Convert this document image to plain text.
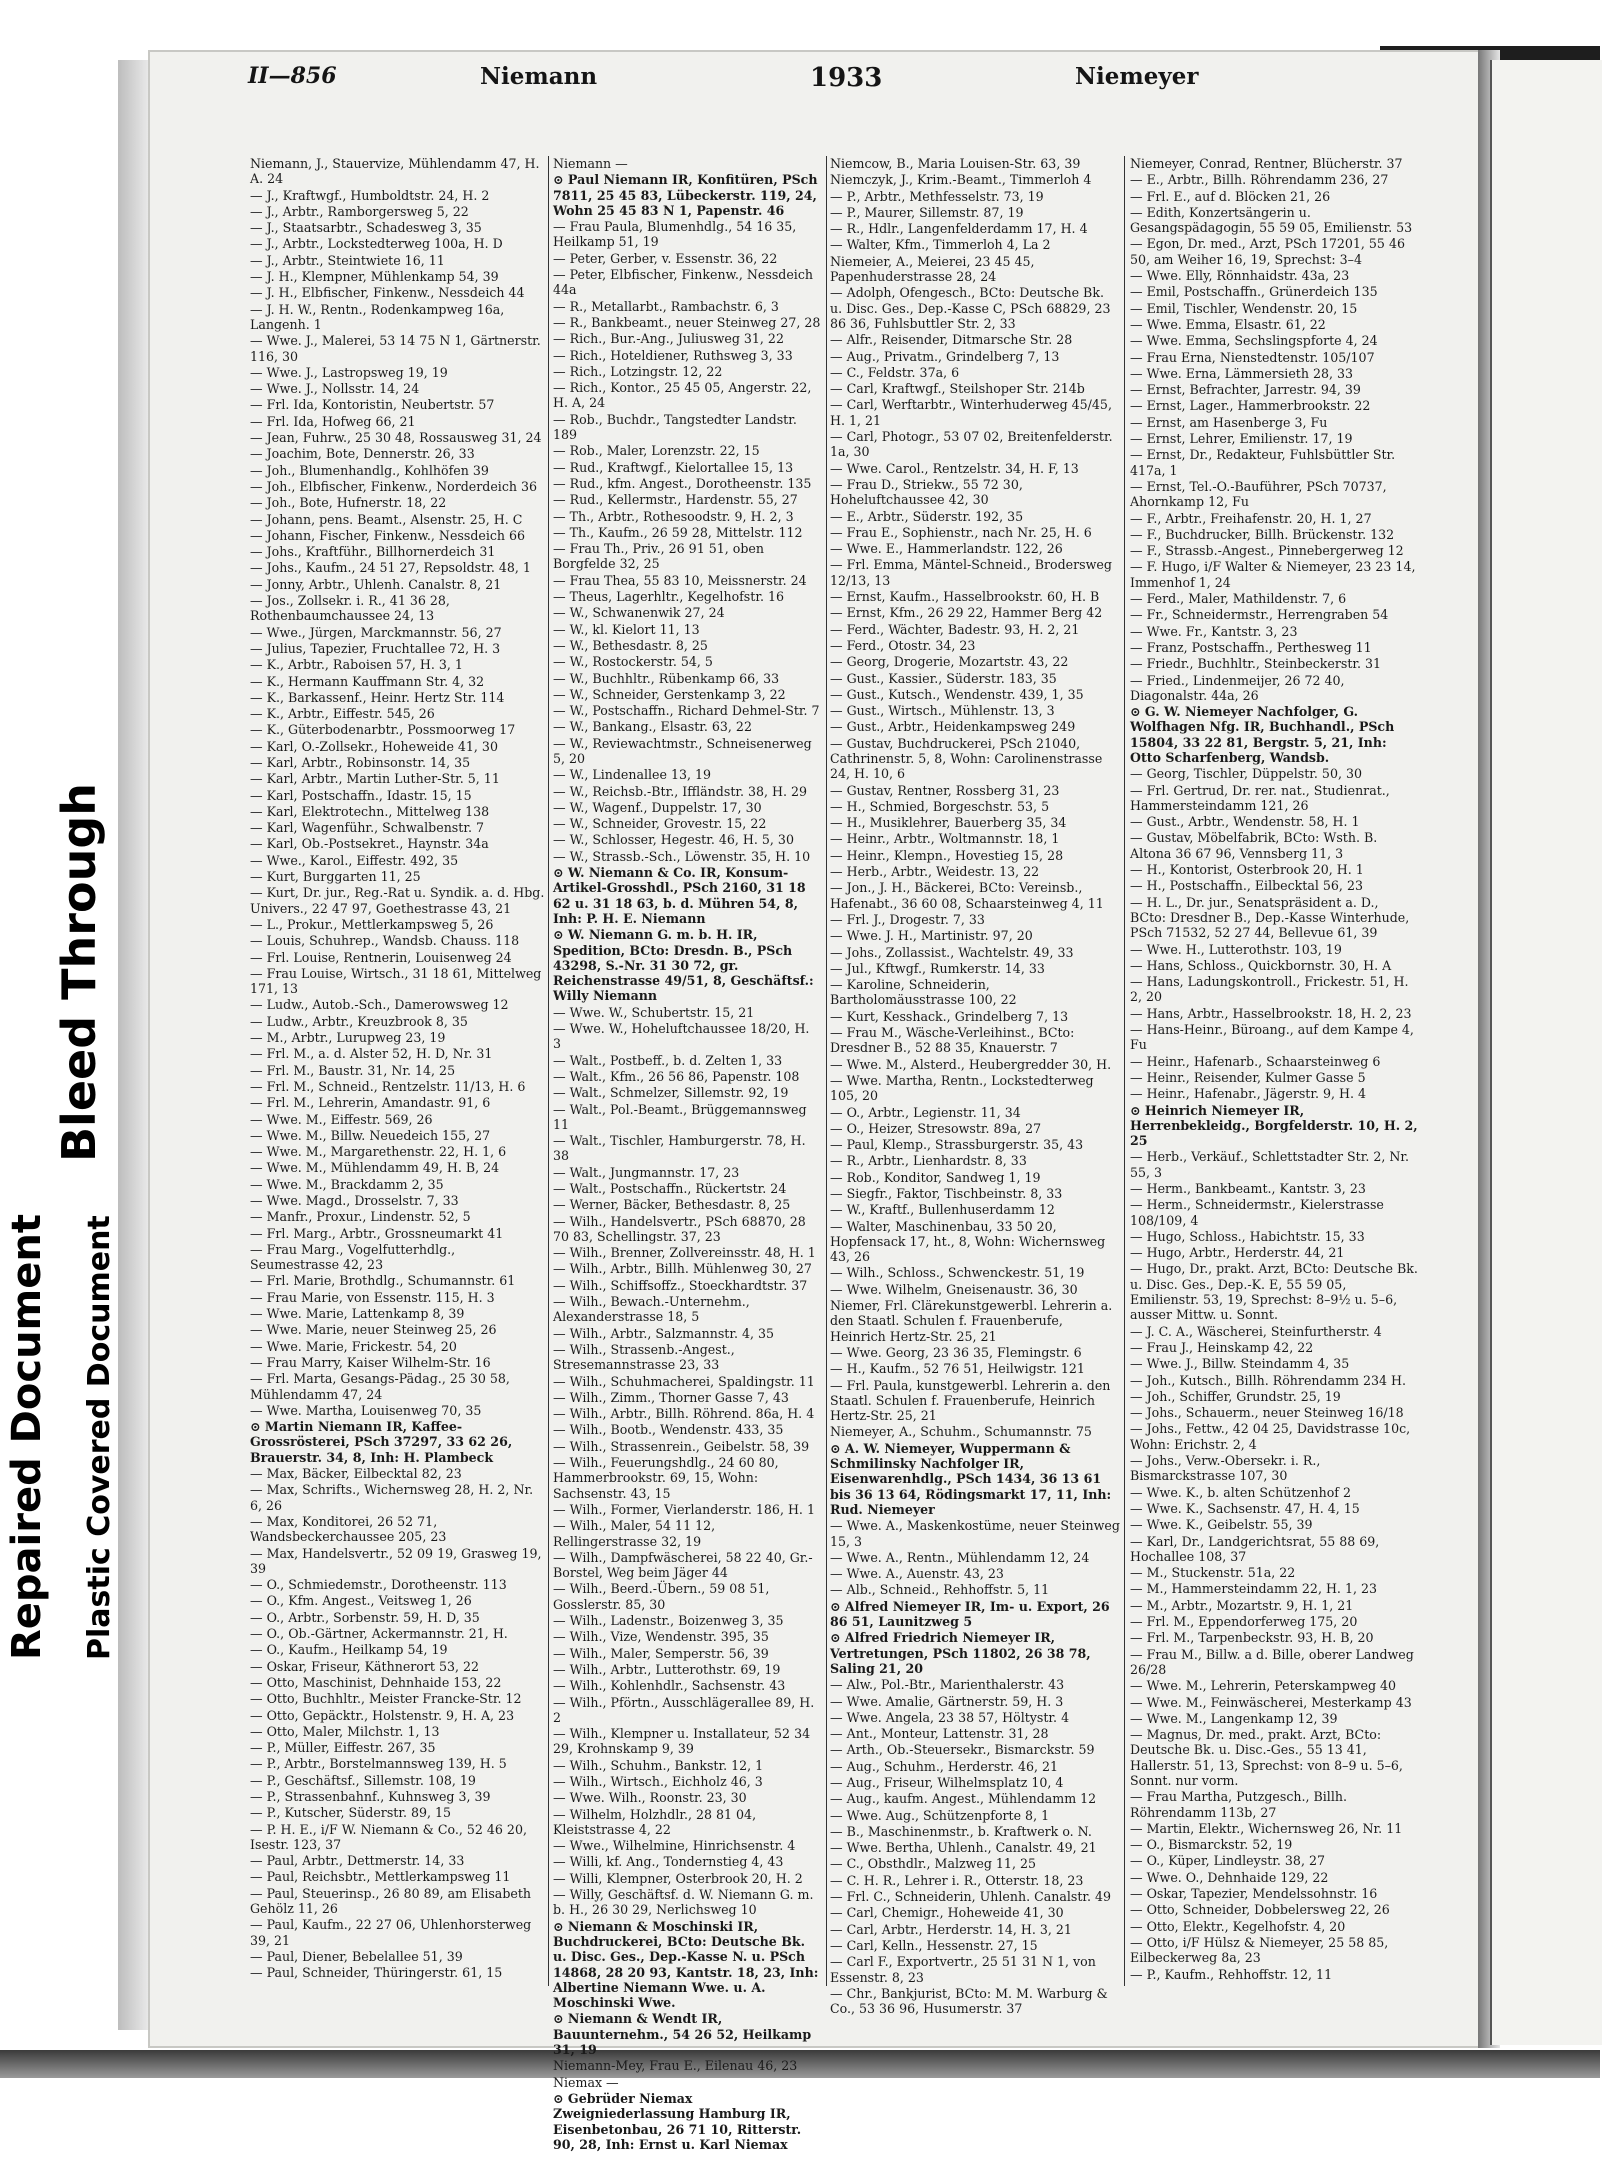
II—856	Niemann	1933	Niemeyer
Niemann, J., Stauervize, Mühlendamm 47, H. A. 24
— J., Kraftwgf., Humboldtstr. 24, H. 2
— J., Arbtr., Ramborgersweg 5, 22
— J., Staatsarbtr., Schadesweg 3, 35
— J., Arbtr., Lockstedterweg 100a, H. D
— J., Arbtr., Steintwiete 16, 11
— J. H., Klempner, Mühlenkamp 54, 39
— J. H., Elbfischer, Finkenw., Nessdeich 44
— J. H. W., Rentn., Rodenkampweg 16a, Langenh. 1
— Wwe. J., Malerei, 53 14 75 N 1, Gärtnerstr. 116, 30
— Wwe. J., Lastropsweg 19, 19
— Wwe. J., Nollsstr. 14, 24
— Frl. Ida, Kontoristin, Neubertstr. 57
— Frl. Ida, Hofweg 66, 21
— Jean, Fuhrw., 25 30 48, Rossausweg 31, 24
— Joachim, Bote, Dennerstr. 26, 33
— Joh., Blumenhandlg., Kohlhöfen 39
— Joh., Elbfischer, Finkenw., Norderdeich 36
— Joh., Bote, Hufnerstr. 18, 22
— Johann, pens. Beamt., Alsenstr. 25, H. C
— Johann, Fischer, Finkenw., Nessdeich 66
— Johs., Kraftführ., Billhornerdeich 31
— Johs., Kaufm., 24 51 27, Repsoldstr. 48, 1
— Jonny, Arbtr., Uhlenh. Canalstr. 8, 21
— Jos., Zollsekr. i. R., 41 36 28, Rothenbaumchaussee 24, 13
— Wwe., Jürgen, Marckmannstr. 56, 27
— Julius, Tapezier, Fruchtallee 72, H. 3
— K., Arbtr., Raboisen 57, H. 3, 1
— K., Hermann Kauffmann Str. 4, 32
— K., Barkassenf., Heinr. Hertz Str. 114
— K., Arbtr., Eiffestr. 545, 26
— K., Güterbodenarbtr., Possmoorweg 17
— Karl, O.-Zollsekr., Hoheweide 41, 30
— Karl, Arbtr., Robinsonstr. 14, 35
— Karl, Arbtr., Martin Luther-Str. 5, 11
— Karl, Postschaffn., Idastr. 15, 15
— Karl, Elektrotechn., Mittelweg 138
— Karl, Wagenführ., Schwalbenstr. 7
— Karl, Ob.-Postsekret., Haynstr. 34a
— Wwe., Karol., Eiffestr. 492, 35
— Kurt, Burggarten 11, 25
— Kurt, Dr. jur., Reg.-Rat u. Syndik. a. d. Hbg. Univers., 22 47 97, Goethestrasse 43, 21
— L., Prokur., Mettlerkampsweg 5, 26
— Louis, Schuhrep., Wandsb. Chauss. 118
— Frl. Louise, Rentnerin, Louisenweg 24
— Frau Louise, Wirtsch., 31 18 61, Mittelweg 171, 13
— Ludw., Autob.-Sch., Damerowsweg 12
— Ludw., Arbtr., Kreuzbrook 8, 35
— M., Arbtr., Lurupweg 23, 19
— Frl. M., a. d. Alster 52, H. D, Nr. 31
— Frl. M., Baustr. 31, Nr. 14, 25
— Frl. M., Schneid., Rentzelstr. 11/13, H. 6
— Frl. M., Lehrerin, Amandastr. 91, 6
— Wwe. M., Eiffestr. 569, 26
— Wwe. M., Billw. Neuedeich 155, 27
— Wwe. M., Margarethenstr. 22, H. 1, 6
— Wwe. M., Mühlendamm 49, H. B, 24
— Wwe. M., Brackdamm 2, 35
— Wwe. Magd., Drosselstr. 7, 33
— Manfr., Proxur., Lindenstr. 52, 5
— Frl. Marg., Arbtr., Grossneumarkt 41
— Frau Marg., Vogelfutterhdlg., Seumestrasse 42, 23
— Frl. Marie, Brothdlg., Schumannstr. 61
— Frau Marie, von Essenstr. 115, H. 3
— Wwe. Marie, Lattenkamp 8, 39
— Wwe. Marie, neuer Steinweg 25, 26
— Wwe. Marie, Frickestr. 54, 20
— Frau Marry, Kaiser Wilhelm-Str. 16
— Frl. Marta, Gesangs-Pädag., 25 30 58, Mühlendamm 47, 24
— Wwe. Martha, Louisenweg 70, 35
⊙ Martin Niemann IR, Kaffee-Grossrösterei, PSch 37297, 33 62 26, Brauerstr. 34, 8, Inh: H. Plambeck
— Max, Bäcker, Eilbecktal 82, 23
— Max, Schrifts., Wichernsweg 28, H. 2, Nr. 6, 26
— Max, Konditorei, 26 52 71, Wandsbeckerchaussee 205, 23
— Max, Handelsvertr., 52 09 19, Grasweg 19, 39
— O., Schmiedemstr., Dorotheenstr. 113
— O., Kfm. Angest., Veitsweg 1, 26
— O., Arbtr., Sorbenstr. 59, H. D, 35
— O., Ob.-Gärtner, Ackermannstr. 21, H.
— O., Kaufm., Heilkamp 54, 19
— Oskar, Friseur, Käthnerort 53, 22
— Otto, Maschinist, Dehnhaide 153, 22
— Otto, Buchhltr., Meister Francke-Str. 12
— Otto, Gepäcktr., Holstenstr. 9, H. A, 23
— Otto, Maler, Milchstr. 1, 13
— P., Müller, Eiffestr. 267, 35
— P., Arbtr., Borstelmannsweg 139, H. 5
— P., Geschäftsf., Sillemstr. 108, 19
— P., Strassenbahnf., Kuhnsweg 3, 39
— P., Kutscher, Süderstr. 89, 15
— P. H. E., i/F W. Niemann & Co., 52 46 20, Isestr. 123, 37
— Paul, Arbtr., Dettmerstr. 14, 33
— Paul, Reichsbtr., Mettlerkampsweg 11
— Paul, Steuerinsp., 26 80 89, am Elisabeth Gehölz 11, 26
— Paul, Kaufm., 22 27 06, Uhlenhorsterweg 39, 21
— Paul, Diener, Bebelallee 51, 39
— Paul, Schneider, Thüringerstr. 61, 15
Niemann —
⊙ Paul Niemann IR, Konfitüren, PSch 7811, 25 45 83, Lübeckerstr. 119, 24, Wohn 25 45 83 N 1, Papenstr. 46
— Frau Paula, Blumenhdlg., 54 16 35, Heilkamp 51, 19
— Peter, Gerber, v. Essenstr. 36, 22
— Peter, Elbfischer, Finkenw., Nessdeich 44a
— R., Metallarbt., Rambachstr. 6, 3
— R., Bankbeamt., neuer Steinweg 27, 28
— Rich., Bur.-Ang., Juliusweg 31, 22
— Rich., Hoteldiener, Ruthsweg 3, 33
— Rich., Lotzingstr. 12, 22
— Rich., Kontor., 25 45 05, Angerstr. 22, H. A, 24
— Rob., Buchdr., Tangstedter Landstr. 189
— Rob., Maler, Lorenzstr. 22, 15
— Rud., Kraftwgf., Kielortallee 15, 13
— Rud., kfm. Angest., Dorotheenstr. 135
— Rud., Kellermstr., Hardenstr. 55, 27
— Th., Arbtr., Rothesoodstr. 9, H. 2, 3
— Th., Kaufm., 26 59 28, Mittelstr. 112
— Frau Th., Priv., 26 91 51, oben Borgfelde 32, 25
— Frau Thea, 55 83 10, Meissnerstr. 24
— Theus, Lagerhltr., Kegelhofstr. 16
— W., Schwanenwik 27, 24
— W., kl. Kielort 11, 13
— W., Bethesdastr. 8, 25
— W., Rostockerstr. 54, 5
— W., Buchhltr., Rübenkamp 66, 33
— W., Schneider, Gerstenkamp 3, 22
— W., Postschaffn., Richard Dehmel-Str. 7
— W., Bankang., Elsastr. 63, 22
— W., Reviewachtmstr., Schneisenerweg 5, 20
— W., Lindenallee 13, 19
— W., Reichsb.-Btr., Iffländstr. 38, H. 29
— W., Wagenf., Duppelstr. 17, 30
— W., Schneider, Grovestr. 15, 22
— W., Schlosser, Hegestr. 46, H. 5, 30
— W., Strassb.-Sch., Löwenstr. 35, H. 10
⊙ W. Niemann & Co. IR, Konsum-Artikel-Grosshdl., PSch 2160, 31 18 62 u. 31 18 63, b. d. Mühren 54, 8, Inh: P. H. E. Niemann
⊙ W. Niemann G. m. b. H. IR, Spedition, BCto: Dresdn. B., PSch 43298, S.-Nr. 31 30 72, gr. Reichenstrasse 49/51, 8, Geschäftsf.: Willy Niemann
— Wwe. W., Schubertstr. 15, 21
— Wwe. W., Hoheluftchaussee 18/20, H. 3
— Walt., Postbeff., b. d. Zelten 1, 33
— Walt., Kfm., 26 56 86, Papenstr. 108
— Walt., Schmelzer, Sillemstr. 92, 19
— Walt., Pol.-Beamt., Brüggemannsweg 11
— Walt., Tischler, Hamburgerstr. 78, H. 38
— Walt., Jungmannstr. 17, 23
— Walt., Postschaffn., Rückertstr. 24
— Werner, Bäcker, Bethesdastr. 8, 25
— Wilh., Handelsvertr., PSch 68870, 28 70 83, Schellingstr. 37, 23
— Wilh., Brenner, Zollvereinsstr. 48, H. 1
— Wilh., Arbtr., Billh. Mühlenweg 30, 27
— Wilh., Schiffsoffz., Stoeckhardtstr. 37
— Wilh., Bewach.-Unternehm., Alexanderstrasse 18, 5
— Wilh., Arbtr., Salzmannstr. 4, 35
— Wilh., Strassenb.-Angest., Stresemannstrasse 23, 33
— Wilh., Schuhmacherei, Spaldingstr. 11
— Wilh., Zimm., Thorner Gasse 7, 43
— Wilh., Arbtr., Billh. Röhrend. 86a, H. 4
— Wilh., Bootb., Wendenstr. 433, 35
— Wilh., Strassenrein., Geibelstr. 58, 39
— Wilh., Feuerungshdlg., 24 60 80, Hammerbrookstr. 69, 15, Wohn: Sachsenstr. 43, 15
— Wilh., Former, Vierlanderstr. 186, H. 1
— Wilh., Maler, 54 11 12, Rellingerstrasse 32, 19
— Wilh., Dampfwäscherei, 58 22 40, Gr.-Borstel, Weg beim Jäger 44
— Wilh., Beerd.-Übern., 59 08 51, Gosslerstr. 85, 30
— Wilh., Ladenstr., Boizenweg 3, 35
— Wilh., Vize, Wendenstr. 395, 35
— Wilh., Maler, Semperstr. 56, 39
— Wilh., Arbtr., Lutterothstr. 69, 19
— Wilh., Kohlenhdlr., Sachsenstr. 43
— Wilh., Pförtn., Ausschlägerallee 89, H. 2
— Wilh., Klempner u. Installateur, 52 34 29, Krohnskamp 9, 39
— Wilh., Schuhm., Bankstr. 12, 1
— Wilh., Wirtsch., Eichholz 46, 3
— Wwe. Wilh., Roonstr. 23, 30
— Wilhelm, Holzhdlr., 28 81 04, Kleiststrasse 4, 22
— Wwe., Wilhelmine, Hinrichsenstr. 4
— Willi, kf. Ang., Tondernstieg 4, 43
— Willi, Klempner, Osterbrook 20, H. 2
— Willy, Geschäftsf. d. W. Niemann G. m. b. H., 26 30 29, Nerlichsweg 10
⊙ Niemann & Moschinski IR, Buchdruckerei, BCto: Deutsche Bk. u. Disc. Ges., Dep.-Kasse N. u. PSch 14868, 28 20 93, Kantstr. 18, 23, Inh: Albertine Niemann Wwe. u. A. Moschinski Wwe.
⊙ Niemann & Wendt IR, Bauunternehm., 54 26 52, Heilkamp 31, 19
Niemann-Mey, Frau E., Eilenau 46, 23
Niemax —
⊙ Gebrüder Niemax Zweigniederlassung Hamburg IR, Eisenbetonbau, 26 71 10, Ritterstr. 90, 28, Inh: Ernst u. Karl Niemax
Niemcow, B., Maria Louisen-Str. 63, 39
Niemczyk, J., Krim.-Beamt., Timmerloh 4
— P., Arbtr., Methfesselstr. 73, 19
— P., Maurer, Sillemstr. 87, 19
— R., Hdlr., Langenfelderdamm 17, H. 4
— Walter, Kfm., Timmerloh 4, La 2
Niemeier, A., Meierei, 23 45 45, Papenhuderstrasse 28, 24
— Adolph, Ofengesch., BCto: Deutsche Bk. u. Disc. Ges., Dep.-Kasse C, PSch 68829, 23 86 36, Fuhlsbuttler Str. 2, 33
— Alfr., Reisender, Ditmarsche Str. 28
— Aug., Privatm., Grindelberg 7, 13
— C., Feldstr. 37a, 6
— Carl, Kraftwgf., Steilshoper Str. 214b
— Carl, Werftarbtr., Winterhuderweg 45/45, H. 1, 21
— Carl, Photogr., 53 07 02, Breitenfelderstr. 1a, 30
— Wwe. Carol., Rentzelstr. 34, H. F, 13
— Frau D., Striekw., 55 72 30, Hoheluftchaussee 42, 30
— E., Arbtr., Süderstr. 192, 35
— Frau E., Sophienstr., nach Nr. 25, H. 6
— Wwe. E., Hammerlandstr. 122, 26
— Frl. Emma, Mäntel-Schneid., Brodersweg 12/13, 13
— Ernst, Kaufm., Hasselbrookstr. 60, H. B
— Ernst, Kfm., 26 29 22, Hammer Berg 42
— Ferd., Wächter, Badestr. 93, H. 2, 21
— Ferd., Otostr. 34, 23
— Georg, Drogerie, Mozartstr. 43, 22
— Gust., Kassier., Süderstr. 183, 35
— Gust., Kutsch., Wendenstr. 439, 1, 35
— Gust., Wirtsch., Mühlenstr. 13, 3
— Gust., Arbtr., Heidenkampsweg 249
— Gustav, Buchdruckerei, PSch 21040, Cathrinenstr. 5, 8, Wohn: Carolinenstrasse 24, H. 10, 6
— Gustav, Rentner, Rossberg 31, 23
— H., Schmied, Borgeschstr. 53, 5
— H., Musiklehrer, Bauerberg 35, 34
— Heinr., Arbtr., Woltmannstr. 18, 1
— Heinr., Klempn., Hovestieg 15, 28
— Herb., Arbtr., Weidestr. 13, 22
— Jon., J. H., Bäckerei, BCto: Vereinsb., Hafenabt., 36 60 08, Schaarsteinweg 4, 11
— Frl. J., Drogestr. 7, 33
— Wwe. J. H., Martinistr. 97, 20
— Johs., Zollassist., Wachtelstr. 49, 33
— Jul., Kftwgf., Rumkerstr. 14, 33
— Karoline, Schneiderin, Bartholomäusstrasse 100, 22
— Kurt, Kesshack., Grindelberg 7, 13
— Frau M., Wäsche-Verleihinst., BCto: Dresdner B., 52 88 35, Knauerstr. 7
— Wwe. M., Alsterd., Heubergredder 30, H.
— Wwe. Martha, Rentn., Lockstedterweg 105, 20
— O., Arbtr., Legienstr. 11, 34
— O., Heizer, Stresowstr. 89a, 27
— Paul, Klemp., Strassburgerstr. 35, 43
— R., Arbtr., Lienhardstr. 8, 33
— Rob., Konditor, Sandweg 1, 19
— Siegfr., Faktor, Tischbeinstr. 8, 33
— W., Kraftf., Bullenhuserdamm 12
— Walter, Maschinenbau, 33 50 20, Hopfensack 17, ht., 8, Wohn: Wichernsweg 43, 26
— Wilh., Schloss., Schwenckestr. 51, 19
— Wwe. Wilhelm, Gneisenaustr. 36, 30
Niemer, Frl. Clärekunstgewerbl. Lehrerin a. den Staatl. Schulen f. Frauenberufe, Heinrich Hertz-Str. 25, 21
— Wwe. Georg, 23 36 35, Flemingstr. 6
— H., Kaufm., 52 76 51, Heilwigstr. 121
— Frl. Paula, kunstgewerbl. Lehrerin a. den Staatl. Schulen f. Frauenberufe, Heinrich Hertz-Str. 25, 21
Niemeyer, A., Schuhm., Schumannstr. 75
⊙ A. W. Niemeyer, Wuppermann & Schmilinsky Nachfolger IR, Eisenwarenhdlg., PSch 1434, 36 13 61 bis 36 13 64, Rödingsmarkt 17, 11, Inh: Rud. Niemeyer
— Wwe. A., Maskenkostüme, neuer Steinweg 15, 3
— Wwe. A., Rentn., Mühlendamm 12, 24
— Wwe. A., Auenstr. 43, 23
— Alb., Schneid., Rehhoffstr. 5, 11
⊙ Alfred Niemeyer IR, Im- u. Export, 26 86 51, Launitzweg 5
⊙ Alfred Friedrich Niemeyer IR, Vertretungen, PSch 11802, 26 38 78, Saling 21, 20
— Alw., Pol.-Btr., Marienthalerstr. 43
— Wwe. Amalie, Gärtnerstr. 59, H. 3
— Wwe. Angela, 23 38 57, Höltystr. 4
— Ant., Monteur, Lattenstr. 31, 28
— Arth., Ob.-Steuersekr., Bismarckstr. 59
— Aug., Schuhm., Herderstr. 46, 21
— Aug., Friseur, Wilhelmsplatz 10, 4
— Aug., kaufm. Angest., Mühlendamm 12
— Wwe. Aug., Schützenpforte 8, 1
— B., Maschinenmstr., b. Kraftwerk o. N.
— Wwe. Bertha, Uhlenh., Canalstr. 49, 21
— C., Obsthdlr., Malzweg 11, 25
— C. H. R., Lehrer i. R., Otterstr. 18, 23
— Frl. C., Schneiderin, Uhlenh. Canalstr. 49
— Carl, Chemigr., Hoheweide 41, 30
— Carl, Arbtr., Herderstr. 14, H. 3, 21
— Carl, Kelln., Hessenstr. 27, 15
— Carl F., Exportvertr., 25 51 31 N 1, von Essenstr. 8, 23
— Chr., Bankjurist, BCto: M. M. Warburg & Co., 53 36 96, Husumerstr. 37
Niemeyer, Conrad, Rentner, Blücherstr. 37
— E., Arbtr., Billh. Röhrendamm 236, 27
— Frl. E., auf d. Blöcken 21, 26
— Edith, Konzertsängerin u. Gesangspädagogin, 55 59 05, Emilienstr. 53
— Egon, Dr. med., Arzt, PSch 17201, 55 46 50, am Weiher 16, 19, Sprechst: 3–4
— Wwe. Elly, Rönnhaidstr. 43a, 23
— Emil, Postschaffn., Grünerdeich 135
— Emil, Tischler, Wendenstr. 20, 15
— Wwe. Emma, Elsastr. 61, 22
— Wwe. Emma, Sechslingspforte 4, 24
— Frau Erna, Nienstedtenstr. 105/107
— Wwe. Erna, Lämmersieth 28, 33
— Ernst, Befrachter, Jarrestr. 94, 39
— Ernst, Lager., Hammerbrookstr. 22
— Ernst, am Hasenberge 3, Fu
— Ernst, Lehrer, Emilienstr. 17, 19
— Ernst, Dr., Redakteur, Fuhlsbüttler Str. 417a, 1
— Ernst, Tel.-O.-Bauführer, PSch 70737, Ahornkamp 12, Fu
— F., Arbtr., Freihafenstr. 20, H. 1, 27
— F., Buchdrucker, Billh. Brückenstr. 132
— F., Strassb.-Angest., Pinnebergerweg 12
— F. Hugo, i/F Walter & Niemeyer, 23 23 14, Immenhof 1, 24
— Ferd., Maler, Mathildenstr. 7, 6
— Fr., Schneidermstr., Herrengraben 54
— Wwe. Fr., Kantstr. 3, 23
— Franz, Postschaffn., Perthesweg 11
— Friedr., Buchhltr., Steinbeckerstr. 31
— Fried., Lindenmeijer, 26 72 40, Diagonalstr. 44a, 26
⊙ G. W. Niemeyer Nachfolger, G. Wolfhagen Nfg. IR, Buchhandl., PSch 15804, 33 22 81, Bergstr. 5, 21, Inh: Otto Scharfenberg, Wandsb.
— Georg, Tischler, Düppelstr. 50, 30
— Frl. Gertrud, Dr. rer. nat., Studienrat., Hammersteindamm 121, 26
— Gust., Arbtr., Wendenstr. 58, H. 1
— Gustav, Möbelfabrik, BCto: Wsth. B. Altona 36 67 96, Vennsberg 11, 3
— H., Kontorist, Osterbrook 20, H. 1
— H., Postschaffn., Eilbecktal 56, 23
— H. L., Dr. jur., Senatspräsident a. D., BCto: Dresdner B., Dep.-Kasse Winterhude, PSch 71532, 52 27 44, Bellevue 61, 39
— Wwe. H., Lutterothstr. 103, 19
— Hans, Schloss., Quickbornstr. 30, H. A
— Hans, Ladungskontroll., Frickestr. 51, H. 2, 20
— Hans, Arbtr., Hasselbrookstr. 18, H. 2, 23
— Hans-Heinr., Büroang., auf dem Kampe 4, Fu
— Heinr., Hafenarb., Schaarsteinweg 6
— Heinr., Reisender, Kulmer Gasse 5
— Heinr., Hafenabr., Jägerstr. 9, H. 4
⊙ Heinrich Niemeyer IR, Herrenbekleidg., Borgfelderstr. 10, H. 2, 25
— Herb., Verkäuf., Schlettstadter Str. 2, Nr. 55, 3
— Herm., Bankbeamt., Kantstr. 3, 23
— Herm., Schneidermstr., Kielerstrasse 108/109, 4
— Hugo, Schloss., Habichtstr. 15, 33
— Hugo, Arbtr., Herderstr. 44, 21
— Hugo, Dr., prakt. Arzt, BCto: Deutsche Bk. u. Disc. Ges., Dep.-K. E, 55 59 05, Emilienstr. 53, 19, Sprechst: 8–9½ u. 5–6, ausser Mittw. u. Sonnt.
— J. C. A., Wäscherei, Steinfurtherstr. 4
— Frau J., Heinskamp 42, 22
— Wwe. J., Billw. Steindamm 4, 35
— Joh., Kutsch., Billh. Röhrendamm 234 H.
— Joh., Schiffer, Grundstr. 25, 19
— Johs., Schauerm., neuer Steinweg 16/18
— Johs., Fettw., 42 04 25, Davidstrasse 10c, Wohn: Erichstr. 2, 4
— Johs., Verw.-Obersekr. i. R., Bismarckstrasse 107, 30
— Wwe. K., b. alten Schützenhof 2
— Wwe. K., Sachsenstr. 47, H. 4, 15
— Wwe. K., Geibelstr. 55, 39
— Karl, Dr., Landgerichtsrat, 55 88 69, Hochallee 108, 37
— M., Stuckenstr. 51a, 22
— M., Hammersteindamm 22, H. 1, 23
— M., Arbtr., Mozartstr. 9, H. 1, 21
— Frl. M., Eppendorferweg 175, 20
— Frl. M., Tarpenbeckstr. 93, H. B, 20
— Frau M., Billw. a d. Bille, oberer Landweg 26/28
— Wwe. M., Lehrerin, Peterskampweg 40
— Wwe. M., Feinwäscherei, Mesterkamp 43
— Wwe. M., Langenkamp 12, 39
— Magnus, Dr. med., prakt. Arzt, BCto: Deutsche Bk. u. Disc.-Ges., 55 13 41, Hallerstr. 51, 13, Sprechst: von 8–9 u. 5–6, Sonnt. nur vorm.
— Frau Martha, Putzgesch., Billh. Röhrendamm 113b, 27
— Martin, Elektr., Wichernsweg 26, Nr. 11
— O., Bismarckstr. 52, 19
— O., Küper, Lindleystr. 38, 27
— Wwe. O., Dehnhaide 129, 22
— Oskar, Tapezier, Mendelssohnstr. 16
— Otto, Schneider, Dobbelersweg 22, 26
— Otto, Elektr., Kegelhofstr. 4, 20
— Otto, i/F Hülsz & Niemeyer, 25 58 85, Eilbeckerweg 8a, 23
— P., Kaufm., Rehhoffstr. 12, 11
Bleed Through
Repaired Document Plastic Covered Document
